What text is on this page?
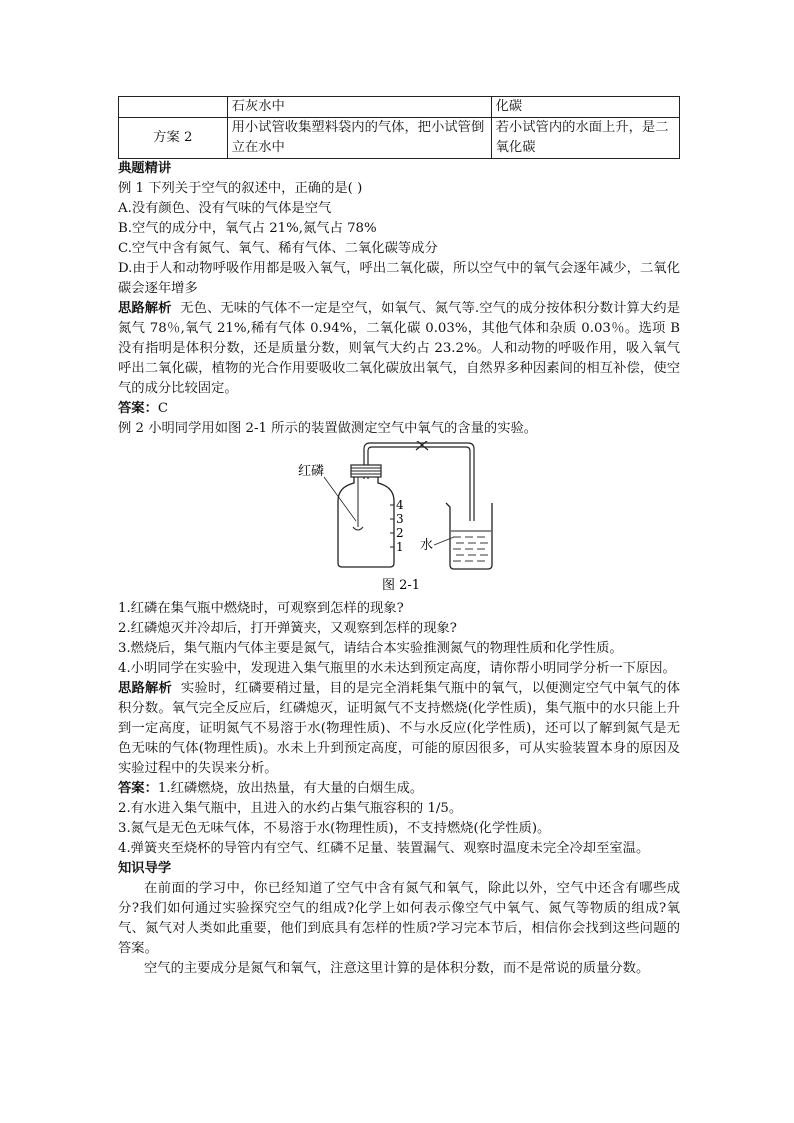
	石灰水中	化碳
方案 2	用小试管收集塑料袋内的气体，把小试管倒立在水中	若小试管内的水面上升，是二氧化碳

典题精讲

例 1 下列关于空气的叙述中，正确的是( )

A.没有颜色、没有气味的气体是空气

B.空气的成分中，氧气占 21%,氮气占 78%

C.空气中含有氮气、氧气、稀有气体、二氧化碳等成分

D.由于人和动物呼吸作用都是吸入氧气，呼出二氧化碳，所以空气中的氧气会逐年减少，二氧化碳会逐年增多

思路解析 无色、无味的气体不一定是空气，如氧气、氮气等.空气的成分按体积分数计算大约是氮气 78％,氧气 21%,稀有气体 0.94%，二氧化碳 0.03%，其他气体和杂质 0.03％。选项 B 没有指明是体积分数，还是质量分数，则氧气大约占 23.2%。人和动物的呼吸作用，吸入氧气呼出二氧化碳，植物的光合作用要吸收二氧化碳放出氧气，自然界多种因素间的相互补偿，使空气的成分比较固定。

答案：C

例 2 小明同学用如图 2-1 所示的装置做测定空气中氧气的含量的实验。

红磷
4
3
2
1 水
图 2-1

1.红磷在集气瓶中燃烧时，可观察到怎样的现象?

2.红磷熄灭并冷却后，打开弹簧夹，又观察到怎样的现象?

3.燃烧后，集气瓶内气体主要是氮气，请结合本实验推测氮气的物理性质和化学性质。

4.小明同学在实验中，发现进入集气瓶里的水未达到预定高度，请你帮小明同学分析一下原因。

思路解析 实验时，红磷要稍过量，目的是完全消耗集气瓶中的氧气，以便测定空气中氧气的体积分数。氧气完全反应后，红磷熄灭，证明氮气不支持燃烧(化学性质)，集气瓶中的水只能上升到一定高度，证明氮气不易溶于水(物理性质)、不与水反应(化学性质)，还可以了解到氮气是无色无味的气体(物理性质)。水未上升到预定高度，可能的原因很多，可从实验装置本身的原因及实验过程中的失误来分析。

答案：1.红磷燃烧，放出热量，有大量的白烟生成。

2.有水进入集气瓶中，且进入的水约占集气瓶容积的 1/5。

3.氮气是无色无味气体，不易溶于水(物理性质)，不支持燃烧(化学性质)。

4.弹簧夹至烧杯的导管内有空气、红磷不足量、装置漏气、观察时温度未完全冷却至室温。

知识导学

在前面的学习中，你已经知道了空气中含有氮气和氧气，除此以外，空气中还含有哪些成分?我们如何通过实验探究空气的组成?化学上如何表示像空气中氧气、氮气等物质的组成?氧气、氮气对人类如此重要，他们到底具有怎样的性质?学习完本节后，相信你会找到这些问题的答案。

空气的主要成分是氮气和氧气，注意这里计算的是体积分数，而不是常说的质量分数。
